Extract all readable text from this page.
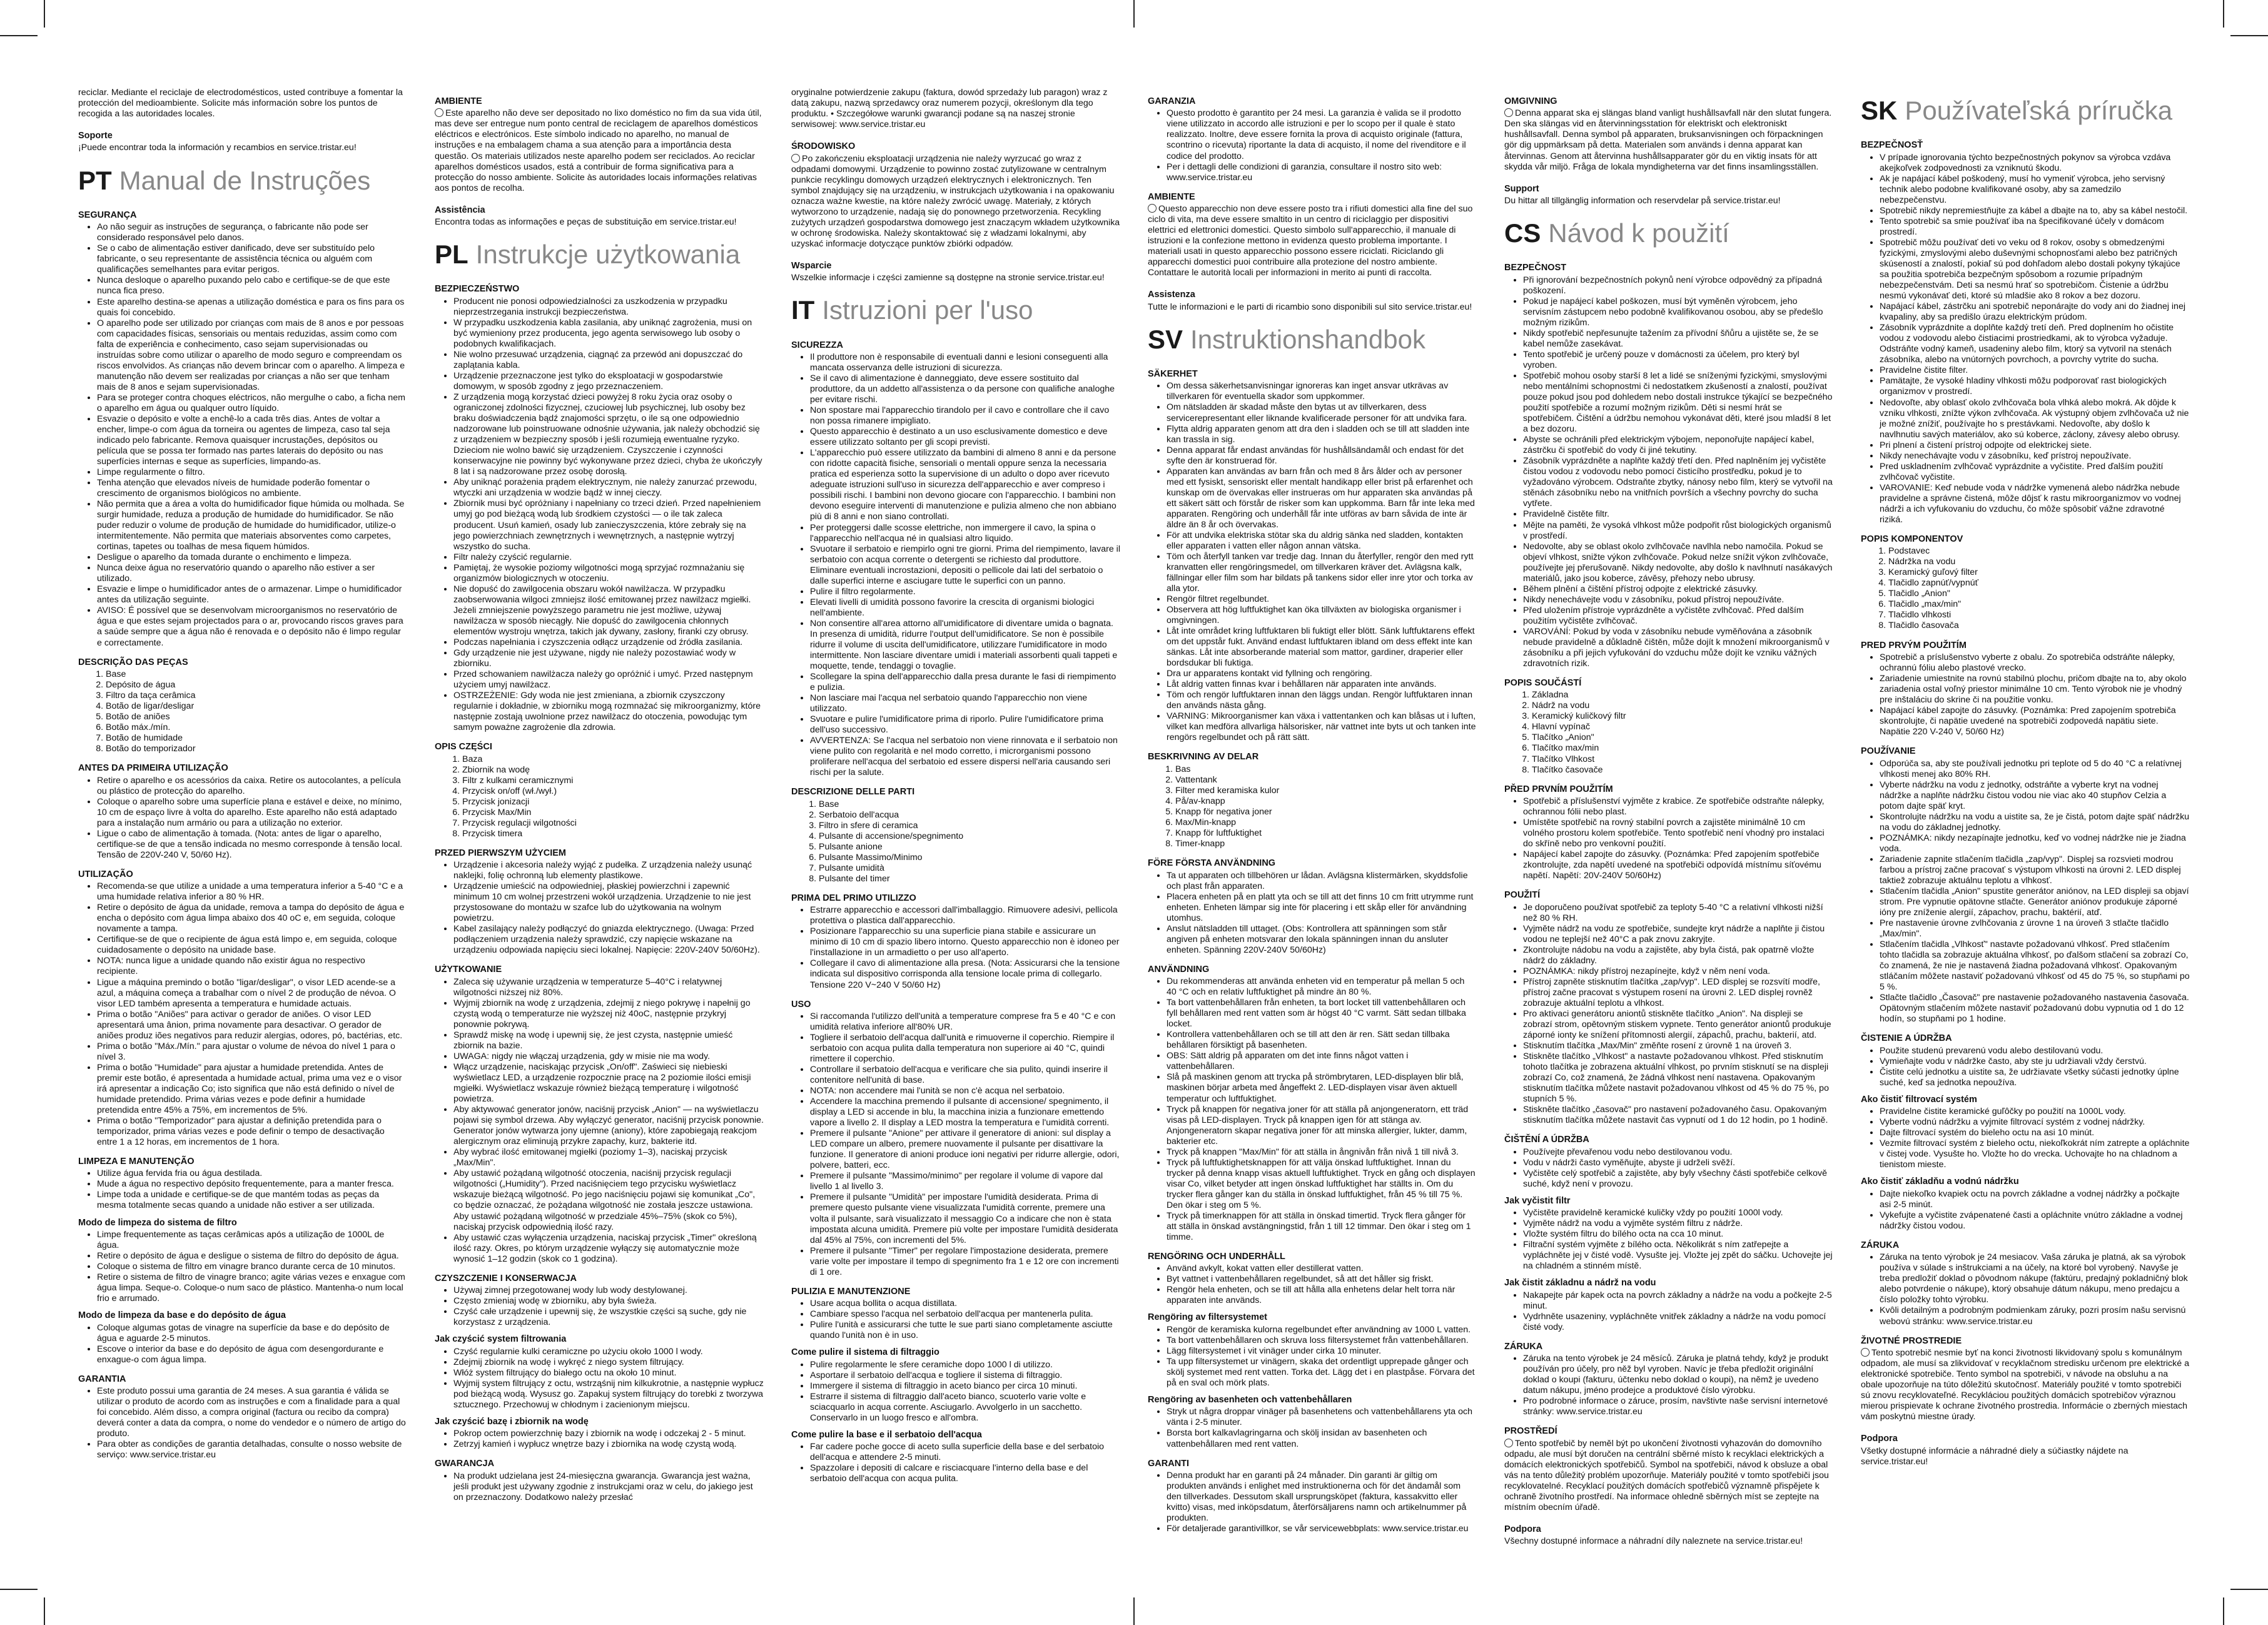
reciclar. Mediante el reciclaje de electrodomésticos, usted contribuye a fomentar la protección del medioambiente. Solicite más información sobre los puntos de recogida a las autoridades locales.

Soporte

¡Puede encontrar toda la información y recambios en service.tristar.eu!

PT Manual de Instruções
SEGURANÇA
• Ao não seguir as instruções de segurança, o fabricante não pode ser considerado responsável pelo danos.
• Se o cabo de alimentação estiver danificado, deve ser substituído pelo fabricante, o seu representante de assistência técnica ou alguém com qualificações semelhantes para evitar perigos.
• Nunca desloque o aparelho puxando pelo cabo e certifique-se de que este nunca fica preso.
• Este aparelho destina-se apenas a utilização doméstica e para os fins para os quais foi concebido.
• O aparelho pode ser utilizado por crianças com mais de 8 anos e por pessoas com capacidades físicas, sensoriais ou mentais reduzidas, assim como com falta de experiência e conhecimento, caso sejam supervisionadas ou instruídas sobre como utilizar o aparelho de modo seguro e compreendam os riscos envolvidos. As crianças não devem brincar com o aparelho. A limpeza e manutenção não devem ser realizadas por crianças a não ser que tenham mais de 8 anos e sejam supervisionadas.
• Para se proteger contra choques eléctricos, não mergulhe o cabo, a ficha nem o aparelho em água ou qualquer outro líquido.
• Esvazie o depósito e volte a enchê-lo a cada três dias. Antes de voltar a encher, limpe-o com água da torneira ou agentes de limpeza, caso tal seja indicado pelo fabricante. Remova quaisquer incrustações, depósitos ou película que se possa ter formado nas partes laterais do depósito ou nas superfícies internas e seque as superfícies, limpando-as.
• Limpe regularmente o filtro.
• Tenha atenção que elevados níveis de humidade poderão fomentar o crescimento de organismos biológicos no ambiente.
• Não permita que a área a volta do humidificador fique húmida ou molhada. Se surgir humidade, reduza a produção de humidade do humidificador. Se não puder reduzir o volume de produção de humidade do humidificador, utilize-o intermitentemente. Não permita que materiais absorventes como carpetes, cortinas, tapetes ou toalhas de mesa fiquem húmidos.
• Desligue o aparelho da tomada durante o enchimento e limpeza.
• Nunca deixe água no reservatório quando o aparelho não estiver a ser utilizado.
• Esvazie e limpe o humidificador antes de o armazenar. Limpe o humidificador antes da utilização seguinte.
• AVISO: É possível que se desenvolvam microorganismos no reservatório de água e que estes sejam projectados para o ar, provocando riscos graves para a saúde sempre que a água não é renovada e o depósito não é limpo regular e correctamente.
DESCRIÇÃO DAS PEÇAS
1. Base
2. Depósito de água
3. Filtro da taça cerâmica
4. Botão de ligar/desligar
5. Botão de aniões
6. Botão máx./mín.
7. Botão de humidade
8. Botão do temporizador
ANTES DA PRIMEIRA UTILIZAÇÃO
• Retire o aparelho e os acessórios da caixa. Retire os autocolantes, a película ou plástico de protecção do aparelho.
• Coloque o aparelho sobre uma superfície plana e estável e deixe, no mínimo, 10 cm de espaço livre à volta do aparelho. Este aparelho não está adaptado para a instalação num armário ou para a utilização no exterior.
• Ligue o cabo de alimentação à tomada. (Nota: antes de ligar o aparelho, certifique-se de que a tensão indicada no mesmo corresponde à tensão local. Tensão de 220V-240 V, 50/60 Hz).
UTILIZAÇÃO
• Recomenda-se que utilize a unidade a uma temperatura inferior a 5-40 °C e a uma humidade relativa inferior a 80 % HR.
• Retire o depósito de água da unidade, remova a tampa do depósito de água e encha o depósito com água limpa abaixo dos 40 oC e, em seguida, coloque novamente a tampa.
• Certifique-se de que o recipiente de água está limpo e, em seguida, coloque cuidadosamente o depósito na unidade base.
• NOTA: nunca ligue a unidade quando não existir água no respectivo recipiente.
• Ligue a máquina premindo o botão "ligar/desligar", o visor LED acende-se a azul, a máquina começa a trabalhar com o nível 2 de produção de névoa. O visor LED também apresenta a temperatura e humidade actuais.
• Prima o botão "Aniões" para activar o gerador de aniões. O visor LED apresentará uma ânion, prima novamente para desactivar. O gerador de aniões produz iões negativos para reduzir alergias, odores, pó, bactérias, etc.
• Prima o botão "Máx./Mín." para ajustar o volume de névoa do nível 1 para o nível 3.
• Prima o botão "Humidade" para ajustar a humidade pretendida. Antes de premir este botão, é apresentada a humidade actual, prima uma vez e o visor irá apresentar a indicação Co; isto significa que não está definido o nível de humidade pretendido. Prima várias vezes e pode definir a humidade pretendida entre 45% a 75%, em incrementos de 5%.
• Prima o botão "Temporizador" para ajustar a definição pretendida para o temporizador, prima várias vezes e pode definir o tempo de desactivação entre 1 a 12 horas, em incrementos de 1 hora.
LIMPEZA E MANUTENÇÃO
• Utilize água fervida fria ou água destilada.
• Mude a água no respectivo depósito frequentemente, para a manter fresca.
• Limpe toda a unidade e certifique-se de que mantém todas as peças da mesma totalmente secas quando a unidade não estiver a ser utilizada.
Modo de limpeza do sistema de filtro
• Limpe frequentemente as taças cerâmicas após a utilização de 1000L de água.
• Retire o depósito de água e desligue o sistema de filtro do depósito de água.
• Coloque o sistema de filtro em vinagre branco durante cerca de 10 minutos.
• Retire o sistema de filtro de vinagre branco; agite várias vezes e enxague com água limpa. Seque-o. Coloque-o num saco de plástico. Mantenha-o num local frio e arrumado.
Modo de limpeza da base e do depósito de água
• Coloque algumas gotas de vinagre na superfície da base e do depósito de água e aguarde 2-5 minutos.
• Escove o interior da base e do depósito de água com desengordurante e enxague-o com água limpa.
GARANTIA
• Este produto possui uma garantia de 24 meses. A sua garantia é válida se utilizar o produto de acordo com as instruções e com a finalidade para a qual foi concebido. Além disso, a compra original (factura ou recibo da compra) deverá conter a data da compra, o nome do vendedor e o número de artigo do produto.
• Para obter as condições de garantia detalhadas, consulte o nosso website de serviço: www.service.tristar.eu
AMBIENTE

Este aparelho não deve ser depositado no lixo doméstico no fim da sua vida útil, mas deve ser entregue num ponto central de reciclagem de aparelhos domésticos eléctricos e electrónicos. Este símbolo indicado no aparelho, no manual de instruções e na embalagem chama a sua atenção para a importância desta questão. Os materiais utilizados neste aparelho podem ser reciclados. Ao reciclar aparelhos domésticos usados, está a contribuir de forma significativa para a protecção do nosso ambiente. Solicite às autoridades locais informações relativas aos pontos de recolha.

Assistência

Encontra todas as informações e peças de substituição em service.tristar.eu!

PL Instrukcje użytkowania
BEZPIECZEŃSTWO
• Producent nie ponosi odpowiedzialności za uszkodzenia w przypadku nieprzestrzegania instrukcji bezpieczeństwa.
• W przypadku uszkodzenia kabla zasilania, aby uniknąć zagrożenia, musi on być wymieniony przez producenta, jego agenta serwisowego lub osoby o podobnych kwalifikacjach.
• Nie wolno przesuwać urządzenia, ciągnąć za przewód ani dopuszczać do zaplątania kabla.
• Urządzenie przeznaczone jest tylko do eksploatacji w gospodarstwie domowym, w sposób zgodny z jego przeznaczeniem.
• Z urządzenia mogą korzystać dzieci powyżej 8 roku życia oraz osoby o ograniczonej zdolności fizycznej, czuciowej lub psychicznej, lub osoby bez braku doświadczenia bądź znajomości sprzętu, o ile są one odpowiednio nadzorowane lub poinstruowane odnośnie używania, jak należy obchodzić się z urządzeniem w bezpieczny sposób i jeśli rozumieją ewentualne ryzyko. Dzieciom nie wolno bawić się urządzeniem. Czyszczenie i czynności konserwacyjne nie powinny być wykonywane przez dzieci, chyba że ukończyły 8 lat i są nadzorowane przez osobę dorosłą.
• Aby uniknąć porażenia prądem elektrycznym, nie należy zanurzać przewodu, wtyczki ani urządzenia w wodzie bądź w innej cieczy.
• Zbiornik musi być opróżniany i napełniany co trzeci dzień. Przed napełnieniem umyj go pod bieżącą wodą lub środkiem czystości — o ile tak zaleca producent. Usuń kamień, osady lub zanieczyszczenia, które zebrały się na jego powierzchniach zewnętrznych i wewnętrznych, a następnie wytrzyj wszystko do sucha.
• Filtr należy czyścić regularnie.
• Pamiętaj, że wysokie poziomy wilgotności mogą sprzyjać rozmnażaniu się organizmów biologicznych w otoczeniu.
• Nie dopuść do zawilgocenia obszaru wokół nawilżacza. W przypadku zaobserwowania wilgoci zmniejsz ilość emitowanej przez nawilżacz mgiełki. Jeżeli zmniejszenie powyższego parametru nie jest możliwe, używaj nawilżacza w sposób niecągły. Nie dopuść do zawilgocenia chłonnych elementów wystroju wnętrza, takich jak dywany, zasłony, firanki czy obrusy.
• Podczas napełniania i czyszczenia odłącz urządzenie od źródła zasilania.
• Gdy urządzenie nie jest używane, nigdy nie należy pozostawiać wody w zbiorniku.
• Przed schowaniem nawilżacza należy go opróżnić i umyć. Przed następnym użyciem umyj nawilżacz.
• OSTRZEŻENIE: Gdy woda nie jest zmieniana, a zbiornik czyszczony regularnie i dokładnie, w zbiorniku mogą rozmnażać się mikroorganizmy, które następnie zostają uwolnione przez nawilżacz do otoczenia, powodując tym samym poważne zagrożenie dla zdrowia.
OPIS CZĘŚCI
1. Baza
2. Zbiornik na wodę
3. Filtr z kulkami ceramicznymi
4. Przycisk on/off (wł./wył.)
5. Przycisk jonizacji
6. Przycisk Max/Min
7. Przycisk regulacji wilgotności
8. Przycisk timera
PRZED PIERWSZYM UŻYCIEM
• Urządzenie i akcesoria należy wyjąć z pudełka. Z urządzenia należy usunąć naklejki, folię ochronną lub elementy plastikowe.
• Urządzenie umieścić na odpowiedniej, płaskiej powierzchni i zapewnić minimum 10 cm wolnej przestrzeni wokół urządzenia. Urządzenie to nie jest przystosowane do montażu w szafce lub do użytkowania na wolnym powietrzu.
• Kabel zasilający należy podłączyć do gniazda elektrycznego. (Uwaga: Przed podłączeniem urządzenia należy sprawdzić, czy napięcie wskazane na urządzeniu odpowiada napięciu sieci lokalnej. Napięcie: 220V-240V 50/60Hz).
UŻYTKOWANIE
• Zaleca się używanie urządzenia w temperaturze 5–40°C i relatywnej wilgotności niższej niż 80%.
• Wyjmij zbiornik na wodę z urządzenia, zdejmij z niego pokrywę i napełnij go czystą wodą o temperaturze nie wyższej niż 40oC, następnie przykryj ponownie pokrywą.
• Sprawdź miskę na wodę i upewnij się, że jest czysta, następnie umieść zbiornik na bazie.
• UWAGA: nigdy nie włączaj urządzenia, gdy w misie nie ma wody.
• Włącz urządzenie, naciskając przycisk „On/off". Zaświeci się niebieski wyświetlacz LED, a urządzenie rozpocznie pracę na 2 poziomie ilości emisji mgiełki. Wyświetlacz wskazuje również bieżącą temperaturę i wilgotność powietrza.
• Aby aktywować generator jonów, naciśnij przycisk „Anion" — na wyświetlaczu pojawi się symbol drzewa. Aby wyłączyć generator, naciśnij przycisk ponownie. Generator jonów wytwarza jony ujemne (aniony), które zapobiegają reakcjom alergicznym oraz eliminują przykre zapachy, kurz, bakterie itd.
• Aby wybrać ilość emitowanej mgiełki (poziomy 1–3), naciskaj przycisk „Max/Min".
• Aby ustawić pożądaną wilgotność otoczenia, naciśnij przycisk regulacji wilgotności („Humidity"). Przed naciśnięciem tego przycisku wyświetlacz wskazuje bieżącą wilgotność. Po jego naciśnięciu pojawi się komunikat „Co", co będzie oznaczać, że pożądana wilgotność nie została jeszcze ustawiona. Aby ustawić pożądaną wilgotność w przedziale 45%–75% (skok co 5%), naciskaj przycisk odpowiednią ilość razy.
• Aby ustawić czas wyłączenia urządzenia, naciskaj przycisk „Timer" określoną ilość razy. Okres, po którym urządzenie wyłączy się automatycznie może wynosić 1–12 godzin (skok co 1 godzina).
CZYSZCZENIE I KONSERWACJA
• Używaj zimnej przegotowanej wody lub wody destylowanej.
• Często zmieniaj wodę w zbiorniku, aby była świeża.
• Czyść całe urządzenie i upewnij się, że wszystkie części są suche, gdy nie korzystasz z urządzenia.
Jak czyścić system filtrowania
• Czyść regularnie kulki ceramiczne po użyciu około 1000 l wody.
• Zdejmij zbiornik na wodę i wykręć z niego system filtrujący.
• Włóż system filtrujący do białego octu na około 10 minut.
• Wyjmij system filtrujący z octu, wstrząśnij nim kilkukrotnie, a następnie wypłucz pod bieżącą wodą. Wysusz go. Zapakuj system filtrujący do torebki z tworzywa sztucznego. Przechowuj w chłodnym i zacienionym miejscu.
Jak czyścić bazę i zbiornik na wodę
• Pokrop octem powierzchnię bazy i zbiornik na wodę i odczekaj 2 - 5 minut.
• Zetrzyj kamień i wypłucz wnętrze bazy i zbiornika na wodę czystą wodą.
GWARANCJA
• Na produkt udzielana jest 24-miesięczna gwarancja. Gwarancja jest ważna, jeśli produkt jest używany zgodnie z instrukcjami oraz w celu, do jakiego jest on przeznaczony. Dodatkowo należy przesłać

oryginalne potwierdzenie zakupu (faktura, dowód sprzedaży lub paragon) wraz z datą zakupu, nazwą sprzedawcy oraz numerem pozycji, określonym dla tego produktu. • Szczegółowe warunki gwarancji podane są na naszej stronie serwisowej: www.service.tristar.eu

ŚRODOWISKO

Po zakończeniu eksploatacji urządzenia nie należy wyrzucać go wraz z odpadami domowymi. Urządzenie to powinno zostać zutylizowane w centralnym punkcie recyklingu domowych urządzeń elektrycznych i elektronicznych. Ten symbol znajdujący się na urządzeniu, w instrukcjach użytkowania i na opakowaniu oznacza ważne kwestie, na które należy zwrócić uwagę. Materiały, z których wytworzono to urządzenie, nadają się do ponownego przetworzenia. Recykling zużytych urządzeń gospodarstwa domowego jest znaczącym wkładem użytkownika w ochronę środowiska. Należy skontaktować się z władzami lokalnymi, aby uzyskać informacje dotyczące punktów zbiórki odpadów.

Wsparcie

Wszelkie informacje i części zamienne są dostępne na stronie service.tristar.eu!

IT Istruzioni per l'uso
SICUREZZA
• Il produttore non è responsabile di eventuali danni e lesioni conseguenti alla mancata osservanza delle istruzioni di sicurezza.
• Se il cavo di alimentazione è danneggiato, deve essere sostituito dal produttore, da un addetto all'assistenza o da persone con qualifiche analoghe per evitare rischi.
• Non spostare mai l'apparecchio tirandolo per il cavo e controllare che il cavo non possa rimanere impigliato.
• Questo apparecchio è destinato a un uso esclusivamente domestico e deve essere utilizzato soltanto per gli scopi previsti.
• L'apparecchio può essere utilizzato da bambini di almeno 8 anni e da persone con ridotte capacità fisiche, sensoriali o mentali oppure senza la necessaria pratica ed esperienza sotto la supervisione di un adulto o dopo aver ricevuto adeguate istruzioni sull'uso in sicurezza dell'apparecchio e aver compreso i possibili rischi. I bambini non devono giocare con l'apparecchio. I bambini non devono eseguire interventi di manutenzione e pulizia almeno che non abbiano più di 8 anni e non siano controllati.
• Per proteggersi dalle scosse elettriche, non immergere il cavo, la spina o l'apparecchio nell'acqua né in qualsiasi altro liquido.
• Svuotare il serbatoio e riempirlo ogni tre giorni. Prima del riempimento, lavare il serbatoio con acqua corrente o detergenti se richiesto dal produttore. Eliminare eventuali incrostazioni, depositi o pellicole dai lati del serbatoio o dalle superfici interne e asciugare tutte le superfici con un panno.
• Pulire il filtro regolarmente.
• Elevati livelli di umidità possono favorire la crescita di organismi biologici nell'ambiente.
• Non consentire all'area attorno all'umidificatore di diventare umida o bagnata. In presenza di umidità, ridurre l'output dell'umidificatore. Se non è possibile ridurre il volume di uscita dell'umidificatore, utilizzare l'umidificatore in modo intermittente. Non lasciare diventare umidi i materiali assorbenti quali tappeti e moquette, tende, tendaggi o tovaglie.
• Scollegare la spina dell'apparecchio dalla presa durante le fasi di riempimento e pulizia.
• Non lasciare mai l'acqua nel serbatoio quando l'apparecchio non viene utilizzato.
• Svuotare e pulire l'umidificatore prima di riporlo. Pulire l'umidificatore prima dell'uso successivo.
• AVVERTENZA: Se l'acqua nel serbatoio non viene rinnovata e il serbatoio non viene pulito con regolarità e nel modo corretto, i microrganismi possono proliferare nell'acqua del serbatoio ed essere dispersi nell'aria causando seri rischi per la salute.
DESCRIZIONE DELLE PARTI
1. Base
2. Serbatoio dell'acqua
3. Filtro in sfere di ceramica
4. Pulsante di accensione/spegnimento
5. Pulsante anione
6. Pulsante Massimo/Minimo
7. Pulsante umidità
8. Pulsante del timer
PRIMA DEL PRIMO UTILIZZO
• Estrarre apparecchio e accessori dall'imballaggio. Rimuovere adesivi, pellicola protettiva o plastica dall'apparecchio.
• Posizionare l'apparecchio su una superficie piana stabile e assicurare un minimo di 10 cm di spazio libero intorno. Questo apparecchio non è idoneo per l'installazione in un armadietto o per uso all'aperto.
• Collegare il cavo di alimentazione alla presa. (Nota: Assicurarsi che la tensione indicata sul dispositivo corrisponda alla tensione locale prima di collegarlo. Tensione 220 V~240 V 50/60 Hz)
USO
• Si raccomanda l'utilizzo dell'unità a temperature comprese fra 5 e 40 °C e con umidità relativa inferiore all'80% UR.
• Togliere il serbatoio dell'acqua dall'unità e rimuoverne il coperchio. Riempire il serbatoio con acqua pulita dalla temperatura non superiore ai 40 °C, quindi rimettere il coperchio.
• Controllare il serbatoio dell'acqua e verificare che sia pulito, quindi inserire il contenitore nell'unità di base.
• NOTA: non accendere mai l'unità se non c'è acqua nel serbatoio.
• Accendere la macchina premendo il pulsante di accensione/ spegnimento, il display a LED si accende in blu, la macchina inizia a funzionare emettendo vapore a livello 2. Il display a LED mostra la temperatura e l'umidità correnti.
• Premere il pulsante "Anione" per attivare il generatore di anioni: sul display a LED compare un albero, premere nuovamente il pulsante per disattivare la funzione. Il generatore di anioni produce ioni negativi per ridurre allergie, odori, polvere, batteri, ecc.
• Premere il pulsante "Massimo/minimo" per regolare il volume di vapore dal livello 1 al livello 3.
• Premere il pulsante "Umidità" per impostare l'umidità desiderata. Prima di premere questo pulsante viene visualizzata l'umidità corrente, premere una volta il pulsante, sarà visualizzato il messaggio Co a indicare che non è stata impostata alcuna umidità. Premere più volte per impostare l'umidità desiderata dal 45% al 75%, con incrementi del 5%.
• Premere il pulsante "Timer" per regolare l'impostazione desiderata, premere varie volte per impostare il tempo di spegnimento fra 1 e 12 ore con incrementi di 1 ore.
PULIZIA E MANUTENZIONE
• Usare acqua bollita o acqua distillata.
• Cambiare spesso l'acqua nel serbatoio dell'acqua per mantenerla pulita.
• Pulire l'unità e assicurarsi che tutte le sue parti siano completamente asciutte quando l'unità non è in uso.
Come pulire il sistema di filtraggio
• Pulire regolarmente le sfere ceramiche dopo 1000 l di utilizzo.
• Asportare il serbatoio dell'acqua e togliere il sistema di filtraggio.
• Immergere il sistema di filtraggio in aceto bianco per circa 10 minuti.
• Estrarre il sistema di filtraggio dall'aceto bianco, scuoterlo varie volte e sciacquarlo in acqua corrente. Asciugarlo. Avvolgerlo in un sacchetto. Conservarlo in un luogo fresco e all'ombra.
Come pulire la base e il serbatoio dell'acqua
• Far cadere poche gocce di aceto sulla superficie della base e del serbatoio dell'acqua e attendere 2-5 minuti.
• Spazzolare i depositi di calcare e risciacquare l'interno della base e del serbatoio dell'acqua con acqua pulita.
GARANZIA
• Questo prodotto è garantito per 24 mesi. La garanzia è valida se il prodotto viene utilizzato in accordo alle istruzioni e per lo scopo per il quale è stato realizzato. Inoltre, deve essere fornita la prova di acquisto originale (fattura, scontrino o ricevuta) riportante la data di acquisto, il nome del rivenditore e il codice del prodotto.
• Per i dettagli delle condizioni di garanzia, consultare il nostro sito web: www.service.tristar.eu
AMBIENTE

Questo apparecchio non deve essere posto tra i rifiuti domestici alla fine del suo ciclo di vita, ma deve essere smaltito in un centro di riciclaggio per dispositivi elettrici ed elettronici domestici. Questo simbolo sull'apparecchio, il manuale di istruzioni e la confezione mettono in evidenza questo problema importante. I materiali usati in questo apparecchio possono essere riciclati. Riciclando gli apparecchi domestici puoi contribuire alla protezione del nostro ambiente. Contattare le autorità locali per informazioni in merito ai punti di raccolta.

Assistenza

Tutte le informazioni e le parti di ricambio sono disponibili sul sito service.tristar.eu!

SV Instruktionshandbok
SÄKERHET
• Om dessa säkerhetsanvisningar ignoreras kan inget ansvar utkrävas av tillverkaren för eventuella skador som uppkommer.
• Om nätsladden är skadad måste den bytas ut av tillverkaren, dess servicerepresentant eller liknande kvalificerade personer för att undvika fara.
• Flytta aldrig apparaten genom att dra den i sladden och se till att sladden inte kan trassla in sig.
• Denna apparat får endast användas för hushållsändamål och endast för det syfte den är konstruerad för.
• Apparaten kan användas av barn från och med 8 års ålder och av personer med ett fysiskt, sensoriskt eller mentalt handikapp eller brist på erfarenhet och kunskap om de övervakas eller instrueras om hur apparaten ska användas på ett säkert sätt och förstår de risker som kan uppkomma. Barn får inte leka med apparaten. Rengöring och underhåll får inte utföras av barn såvida de inte är äldre än 8 år och övervakas.
• För att undvika elektriska stötar ska du aldrig sänka ned sladden, kontakten eller apparaten i vatten eller någon annan vätska.
• Töm och återfyll tanken var tredje dag. Innan du återfyller, rengör den med rytt kranvatten eller rengöringsmedel, om tillverkaren kräver det. Avlägsna kalk, fällningar eller film som har bildats på tankens sidor eller inre ytor och torka av alla ytor.
• Rengör filtret regelbundet.
• Observera att hög luftfuktighet kan öka tillväxten av biologiska organismer i omgivningen.
• Låt inte området kring luftfuktaren bli fuktigt eller blött. Sänk luftfuktarens effekt om det uppstår fukt. Använd endast luftfuktaren ibland om dess effekt inte kan sänkas. Låt inte absorberande material som mattor, gardiner, draperier eller bordsdukar bli fuktiga.
• Dra ur apparatens kontakt vid fyllning och rengöring.
• Låt aldrig vatten finnas kvar i behållaren när apparaten inte används.
• Töm och rengör luftfuktaren innan den läggs undan. Rengör luftfuktaren innan den används nästa gång.
• VARNING: Mikroorganismer kan växa i vattentanken och kan blåsas ut i luften, vilket kan medföra allvarliga hälsorisker, när vattnet inte byts ut och tanken inte rengörs regelbundet och på rätt sätt.
BESKRIVNING AV DELAR
1. Bas
2. Vattentank
3. Filter med keramiska kulor
4. På/av-knapp
5. Knapp för negativa joner
6. Max/Min-knapp
7. Knapp för luftfuktighet
8. Timer-knapp
FÖRE FÖRSTA ANVÄNDNING
• Ta ut apparaten och tillbehören ur lådan. Avlägsna klistermärken, skyddsfolie och plast från apparaten.
• Placera enheten på en platt yta och se till att det finns 10 cm fritt utrymme runt enheten. Enheten lämpar sig inte för placering i ett skåp eller för användning utomhus.
• Anslut nätsladden till uttaget. (Obs: Kontrollera att spänningen som står angiven på enheten motsvarar den lokala spänningen innan du ansluter enheten. Spänning 220V-240V 50/60Hz)
ANVÄNDNING
• Du rekommenderas att använda enheten vid en temperatur på mellan 5 och 40 °C och en relativ luftfuktighet på mindre än 80 %.
• Ta bort vattenbehållaren från enheten, ta bort locket till vattenbehållaren och fyll behållaren med rent vatten som är högst 40 °C varmt. Sätt sedan tillbaka locket.
• Kontrollera vattenbehållaren och se till att den är ren. Sätt sedan tillbaka behållaren försiktigt på basenheten.
• OBS: Sätt aldrig på apparaten om det inte finns något vatten i vattenbehållaren.
• Slå på maskinen genom att trycka på strömbrytaren, LED-displayen blir blå, maskinen börjar arbeta med ångeffekt 2. LED-displayen visar även aktuell temperatur och luftfuktighet.
• Tryck på knappen för negativa joner för att ställa på anjongeneratorn, ett träd visas på LED-displayen. Tryck på knappen igen för att stänga av. Anjongeneratorn skapar negativa joner för att minska allergier, lukter, damm, bakterier etc.
• Tryck på knappen "Max/Min" för att ställa in ångnivån från nivå 1 till nivå 3.
• Tryck på luftfuktighetsknappen för att välja önskad luftfuktighet. Innan du trycker på denna knapp visas aktuell luftfuktighet. Tryck en gång och displayen visar Co, vilket betyder att ingen önskad luftfuktighet har ställts in. Om du trycker flera gånger kan du ställa in önskad luftfuktighet, från 45 % till 75 %. Den ökar i steg om 5 %.
• Tryck på timerknappen för att ställa in önskad timertid. Tryck flera gånger för att ställa in önskad avstängningstid, från 1 till 12 timmar. Den ökar i steg om 1 timme.
RENGÖRING OCH UNDERHÅLL
• Använd avkylt, kokat vatten eller destillerat vatten.
• Byt vattnet i vattenbehållaren regelbundet, så att det håller sig friskt.
• Rengör hela enheten, och se till att hålla alla enhetens delar helt torra när apparaten inte används.
Rengöring av filtersystemet
• Rengör de keramiska kulorna regelbundet efter användning av 1000 L vatten.
• Ta bort vattenbehållaren och skruva loss filtersystemet från vattenbehållaren.
• Lägg filtersystemet i vit vinäger under cirka 10 minuter.
• Ta upp filtersystemet ur vinägern, skaka det ordentligt upprepade gånger och skölj systemet med rent vatten. Torka det. Lägg det i en plastpåse. Förvara det på en sval och mörk plats.
Rengöring av basenheten och vattenbehållaren
• Stryk ut några droppar vinäger på basenhetens och vattenbehållarens yta och vänta i 2-5 minuter.
• Borsta bort kalkavlagringarna och skölj insidan av basenheten och vattenbehållaren med rent vatten.
GARANTI
• Denna produkt har en garanti på 24 månader. Din garanti är giltig om produkten används i enlighet med instruktionerna och för det ändamål som den tillverkades. Dessutom skall ursprungsköpet (faktura, kassakvitto eller kvitto) visas, med inköpsdatum, återförsäljarens namn och artikelnummer på produkten.
• För detaljerade garantivillkor, se vår servicewebbplats: www.service.tristar.eu
OMGIVNING

Denna apparat ska ej slängas bland vanligt hushållsavfall när den slutat fungera. Den ska slängas vid en återvinningsstation för elektriskt och elektroniskt hushållsavfall. Denna symbol på apparaten, bruksanvisningen och förpackningen gör dig uppmärksam på detta. Materialen som används i denna apparat kan återvinnas. Genom att återvinna hushållsapparater gör du en viktig insats för att skydda vår miljö. Fråga de lokala myndigheterna var det finns insamlingsställen.

Support

Du hittar all tillgänglig information och reservdelar på service.tristar.eu!

CS Návod k použití
BEZPEČNOST
• Při ignorování bezpečnostních pokynů není výrobce odpovědný za případná poškození.
• Pokud je napájecí kabel poškozen, musí být vyměněn výrobcem, jeho servisním zástupcem nebo podobně kvalifikovanou osobou, aby se předešlo možným rizikům.
• Nikdy spotřebič nepřesunujte tažením za přívodní šňůru a ujistěte se, že se kabel nemůže zasekávat.
• Tento spotřebič je určený pouze v domácnosti za účelem, pro který byl vyroben.
• Spotřebič mohou osoby starší 8 let a lidé se sníženými fyzickými, smyslovými nebo mentálními schopnostmi či nedostatkem zkušeností a znalostí, používat pouze pokud jsou pod dohledem nebo dostali instrukce týkající se bezpečného použití spotřebiče a rozumí možným rizikům. Děti si nesmí hrát se spotřebičem. Čištění a údržbu nemohou vykonávat děti, které jsou mladší 8 let a bez dozoru.
• Abyste se ochránili před elektrickým výbojem, neponořujte napájecí kabel, zástrčku či spotřebič do vody či jiné tekutiny.
• Zásobník vyprázdněte a naplňte každý třetí den. Před naplněním jej vyčistěte čistou vodou z vodovodu nebo pomocí čisticího prostředku, pokud je to vyžadováno výrobcem. Odstraňte zbytky, nánosy nebo film, který se vytvořil na stěnách zásobníku nebo na vnitřních površích a všechny povrchy do sucha vytřete.
• Pravidelně čistěte filtr.
• Mějte na paměti, že vysoká vlhkost může podpořit růst biologických organismů v prostředí.
• Nedovolte, aby se oblast okolo zvlhčovače navlhla nebo namočila. Pokud se objeví vlhkost, snižte výkon zvlhčovače. Pokud nelze snížit výkon zvlhčovače, používejte jej přerušovaně. Nikdy nedovolte, aby došlo k navlhnutí nasákavých materiálů, jako jsou koberce, závěsy, přehozy nebo ubrusy.
• Během plnění a čištění přístroj odpojte z elektrické zásuvky.
• Nikdy nenechávejte vodu v zásobníku, pokud přístroj nepoužíváte.
• Před uložením přístroje vyprázdněte a vyčistěte zvlhčovač. Před dalším použitím vyčistěte zvlhčovač.
• VAROVÁNÍ: Pokud by voda v zásobníku nebude vyměňována a zásobník nebude pravidelně a důkladně čištěn, může dojít k množení mikroorganismů v zásobníku a při jejich vyfukování do vzduchu může dojít ke vzniku vážných zdravotních rizik.
POPIS SOUČÁSTÍ
1. Základna
2. Nádrž na vodu
3. Keramický kuličkový filtr
4. Hlavní vypínač
5. Tlačítko „Anion"
6. Tlačítko max/min
7. Tlačítko Vlhkost
8. Tlačítko časovače
PŘED PRVNÍM POUŽITÍM
• Spotřebič a příslušenství vyjměte z krabice. Ze spotřebiče odstraňte nálepky, ochrannou fólii nebo plast.
• Umístěte spotřebič na rovný stabilní povrch a zajistěte minimálně 10 cm volného prostoru kolem spotřebiče. Tento spotřebič není vhodný pro instalaci do skříně nebo pro venkovní použití.
• Napájecí kabel zapojte do zásuvky. (Poznámka: Před zapojením spotřebiče zkontrolujte, zda napětí uvedené na spotřebiči odpovídá místnímu síťovému napětí. Napětí: 20V-240V 50/60Hz)
POUŽITÍ
• Je doporučeno používat spotřebič za teploty 5-40 °C a relativní vlhkosti nižší než 80 % RH.
• Vyjměte nádrž na vodu ze spotřebiče, sundejte kryt nádrže a naplňte ji čistou vodou ne teplejší než 40°C a pak znovu zakryjte.
• Zkontrolujte nádobu na vodu a zajistěte, aby byla čistá, pak opatrně vložte nádrž do základny.
• POZNÁMKA: nikdy přístroj nezapínejte, když v něm není voda.
• Přístroj zapněte stisknutím tlačítka „zap/vyp". LED displej se rozsvítí modře, přístroj začne pracovat s výstupem rosení na úrovni 2. LED displej rovněž zobrazuje aktuální teplotu a vlhkost.
• Pro aktivaci generátoru aniontů stiskněte tlačítko „Anion". Na displeji se zobrazí strom, opětovným stiskem vypnete. Tento generátor aniontů produkuje záporné ionty ke snížení přítomnosti alergií, zápachů, prachu, bakterií, atd.
• Stisknutím tlačítka „Max/Min" změňte rosení z úrovně 1 na úroveň 3.
• Stiskněte tlačítko „Vlhkost" a nastavte požadovanou vlhkost. Před stisknutím tohoto tlačítka je zobrazena aktuální vlhkost, po prvním stisknutí se na displeji zobrazí Co, což znamená, že žádná vlhkost není nastavena. Opakovaným stisknutím tlačítka můžete nastavit požadovanou vlhkost od 45 % do 75 %, po stupních 5 %.
• Stiskněte tlačítko „časovač" pro nastavení požadovaného času. Opakovaným stisknutím tlačítka můžete nastavit čas vypnutí od 1 do 12 hodin, po 1 hodině.
ČIŠTĚNÍ A ÚDRŽBA
• Používejte převařenou vodu nebo destilovanou vodu.
• Vodu v nádrži často vyměňujte, abyste ji udrželi svěží.
• Vyčistěte celý spotřebič a zajistěte, aby byly všechny části spotřebiče celkově suché, když není v provozu.
Jak vyčistit filtr
• Vyčistěte pravidelně keramické kuličky vždy po použití 1000l vody.
• Vyjměte nádrž na vodu a vyjměte systém filtru z nádrže.
• Vložte systém filtru do bílého octa na cca 10 minut.
• Filtrační systém vyjměte z bílého octa. Několikrát s ním zatřepejte a vypláchněte jej v čisté vodě. Vysušte jej. Vložte jej zpět do sáčku. Uchovejte jej na chladném a stinném místě.
Jak čistit základnu a nádrž na vodu
• Nakapejte pár kapek octa na povrch základny a nádrže na vodu a počkejte 2-5 minut.
• Vydrhněte usazeniny, vypláchněte vnitřek základny a nádrže na vodu pomocí čisté vody.
ZÁRUKA
• Záruka na tento výrobek je 24 měsíců. Záruka je platná tehdy, když je produkt používán pro účely, pro něž byl vyroben. Navíc je třeba předložit originální doklad o koupi (fakturu, účtenku nebo doklad o koupi), na němž je uvedeno datum nákupu, jméno prodejce a produktové číslo výrobku.
• Pro podrobné informace o záruce, prosím, navštivte naše servisní internetové stránky: www.service.tristar.eu
PROSTŘEDÍ

Tento spotřebič by neměl být po ukončení životnosti vyhazován do domovního odpadu, ale musí být doručen na centrální sběrné místo k recyklaci elektrických a domácích elektronických spotřebičů. Symbol na spotřebiči, návod k obsluze a obal vás na tento důležitý problém upozorňuje. Materiály použité v tomto spotřebiči jsou recyklovatelné. Recyklací použitých domácích spotřebičů významně přispějete k ochraně životního prostředí. Na informace ohledně sběrných míst se zeptejte na místním obecním úřadě.

Podpora

Všechny dostupné informace a náhradní díly naleznete na service.tristar.eu!

SK Používateľská príručka
BEZPEČNOSŤ
• V prípade ignorovania týchto bezpečnostných pokynov sa výrobca vzdáva akejkoľvek zodpovednosti za vzniknutú škodu.
• Ak je napájací kábel poškodený, musí ho vymeniť výrobca, jeho servisný technik alebo podobne kvalifikované osoby, aby sa zamedzilo nebezpečenstvu.
• Spotrebič nikdy nepremiestňujte za kábel a dbajte na to, aby sa kábel nestočil.
• Tento spotrebič sa smie používať iba na špecifikované účely v domácom prostredí.
• Spotrebič môžu používať deti vo veku od 8 rokov, osoby s obmedzenými fyzickými, zmyslovými alebo duševnými schopnosťami alebo bez patričných skúseností a znalostí, pokiaľ sú pod dohľadom alebo dostali pokyny týkajúce sa použitia spotrebiča bezpečným spôsobom a rozumie prípadným nebezpečenstvám. Deti sa nesmú hrať so spotrebičom. Čistenie a údržbu nesmú vykonávať deti, ktoré sú mladšie ako 8 rokov a bez dozoru.
• Napájací kábel, zástrčku ani spotrebič neponárajte do vody ani do žiadnej inej kvapaliny, aby sa predišlo úrazu elektrickým prúdom.
• Zásobník vyprázdnite a doplňte každý tretí deň. Pred doplnením ho očistite vodou z vodovodu alebo čistiacimi prostriedkami, ak to výrobca vyžaduje. Odstráňte vodný kameň, usadeniny alebo film, ktorý sa vytvoril na stenách zásobníka, alebo na vnútorných povrchoch, a povrchy vytrite do sucha.
• Pravidelne čistite filter.
• Pamätajte, že vysoké hladiny vlhkosti môžu podporovať rast biologických organizmov v prostredí.
• Nedovoľte, aby oblasť okolo zvlhčovača bola vlhká alebo mokrá. Ak dôjde k vzniku vlhkosti, znížte výkon zvlhčovača. Ak výstupný objem zvlhčovača už nie je možné znížiť, používajte ho s prestávkami. Nedovoľte, aby došlo k navlhnutiu savých materiálov, ako sú koberce, záclony, závesy alebo obrusy.
• Pri plnení a čistení prístroj odpojte od elektrickej siete.
• Nikdy nenechávajte vodu v zásobníku, keď prístroj nepoužívate.
• Pred uskladnením zvlhčovač vyprázdnite a vyčistite. Pred ďalším použití zvlhčovač vyčistite.
• VAROVANIE: Keď nebude voda v nádržke vymenená alebo nádržka nebude pravidelne a správne čistená, môže dôjsť k rastu mikroorganizmov vo vodnej nádrži a ich vyfukovaniu do vzduchu, čo môže spôsobiť vážne zdravotné riziká.
POPIS KOMPONENTOV
1. Podstavec
2. Nádržka na vodu
3. Keramický guľový filter
4. Tlačidlo zapnúť/vypnúť
5. Tlačidlo „Anion"
6. Tlačidlo „max/min"
7. Tlačidlo vlhkosti
8. Tlačidlo časovača
PRED PRVÝM POUŽITÍM
• Spotrebič a príslušenstvo vyberte z obalu. Zo spotrebiča odstráňte nálepky, ochrannú fóliu alebo plastové vrecko.
• Zariadenie umiestnite na rovnú stabilnú plochu, pričom dbajte na to, aby okolo zariadenia ostal voľný priestor minimálne 10 cm. Tento výrobok nie je vhodný pre inštaláciu do skrine či na použitie vonku.
• Napájací kábel zapojte do zásuvky. (Poznámka: Pred zapojením spotrebiča skontrolujte, či napätie uvedené na spotrebiči zodpovedá napätiu siete. Napätie 220 V-240 V, 50/60 Hz)
POUŽÍVANIE
• Odporúča sa, aby ste používali jednotku pri teplote od 5 do 40 °C a relatívnej vlhkosti menej ako 80% RH.
• Vyberte nádržku na vodu z jednotky, odstráňte a vyberte kryt na vodnej nádržke a naplňte nádržku čistou vodou nie viac ako 40 stupňov Celzia a potom dajte späť kryt.
• Skontrolujte nádržku na vodu a uistite sa, že je čistá, potom dajte späť nádržku na vodu do základnej jednotky.
• POZNÁMKA: nikdy nezapínajte jednotku, keď vo vodnej nádržke nie je žiadna voda.
• Zariadenie zapnite stlačením tlačidla „zap/vyp". Displej sa rozsvieti modrou farbou a prístroj začne pracovať s výstupom vlhkosti na úrovni 2. LED displej taktiež zobrazuje aktuálnu teplotu a vlhkosť.
• Stlačením tlačidla „Anion" spustite generátor aniónov, na LED displeji sa objaví strom. Pre vypnutie opätovne stlačte. Generátor aniónov produkuje záporné ióny pre zníženie alergií, zápachov, prachu, baktérií, atď.
• Pre nastavenie úrovne zvlhčovania z úrovne 1 na úroveň 3 stlačte tlačidlo „Max/min".
• Stlačením tlačidla „Vlhkosť" nastavte požadovanú vlhkosť. Pred stlačením tohto tlačidla sa zobrazuje aktuálna vlhkosť, po ďalšom stlačení sa zobrazí Co, čo znamená, že nie je nastavená žiadna požadovaná vlhkosť. Opakovaným stláčaním môžete nastaviť požadovanú vlhkosť od 45 do 75 %, so stupňami po 5 %.
• Stlačte tlačidlo „Časovač" pre nastavenie požadovaného nastavenia časovača. Opätovným stlačením môžete nastaviť požadovanú dobu vypnutia od 1 do 12 hodín, so stupňami po 1 hodine.
ČISTENIE A ÚDRŽBA
• Použite studenú prevarenú vodu alebo destilovanú vodu.
• Vymieňajte vodu v nádržke často, aby ste ju udržiavali vždy čerstvú.
• Čistite celú jednotku a uistite sa, že udržiavate všetky súčasti jednotky úplne suché, keď sa jednotka nepoužíva.
Ako čistiť filtrovací systém
• Pravidelne čistite keramické guľôčky po použití na 1000L vody.
• Vyberte vodnú nádržku a vyjmite filtrovací systém z vodnej nádržky.
• Dajte filtrovací systém do bieleho octu na asi 10 minút.
• Vezmite filtrovací systém z bieleho octu, niekoľkokrát ním zatrepte a opláchnite v čistej vode. Vysušte ho. Vložte ho do vrecka. Uchovajte ho na chladnom a tienistom mieste.
Ako čistiť základňu a vodnú nádržku
• Dajte niekoľko kvapiek octu na povrch základne a vodnej nádržky a počkajte asi 2-5 minút.
• Vykefujte a vyčistite zvápenatené časti a opláchnite vnútro základne a vodnej nádržky čistou vodou.
ZÁRUKA
• Záruka na tento výrobok je 24 mesiacov. Vaša záruka je platná, ak sa výrobok používa v súlade s inštrukciami a na účely, na ktoré bol vyrobený. Navyše je treba predložiť doklad o pôvodnom nákupe (faktúru, predajný pokladničný blok alebo potvrdenie o nákupe), ktorý obsahuje dátum nákupu, meno predajcu a číslo položky tohto výrobku.
• Kvôli detailným a podrobným podmienkam záruky, pozri prosím našu servisnú webovú stránku: www.service.tristar.eu
ŽIVOTNÉ PROSTREDIE

Tento spotrebič nesmie byť na konci životnosti likvidovaný spolu s komunálnym odpadom, ale musí sa zlikvidovať v recyklačnom stredisku určenom pre elektrické a elektronické spotrebiče. Tento symbol na spotrebiči, v návode na obsluhu a na obale upozorňuje na túto dôležitú skutočnosť. Materiály použité v tomto spotrebiči sú znovu recyklovateľné. Recykláciou použitých domácich spotrebičov výraznou mierou prispievate k ochrane životného prostredia. Informácie o zberných miestach vám poskytnú miestne úrady.

Podpora

Všetky dostupné informácie a náhradné diely a súčiastky nájdete na service.tristar.eu!
